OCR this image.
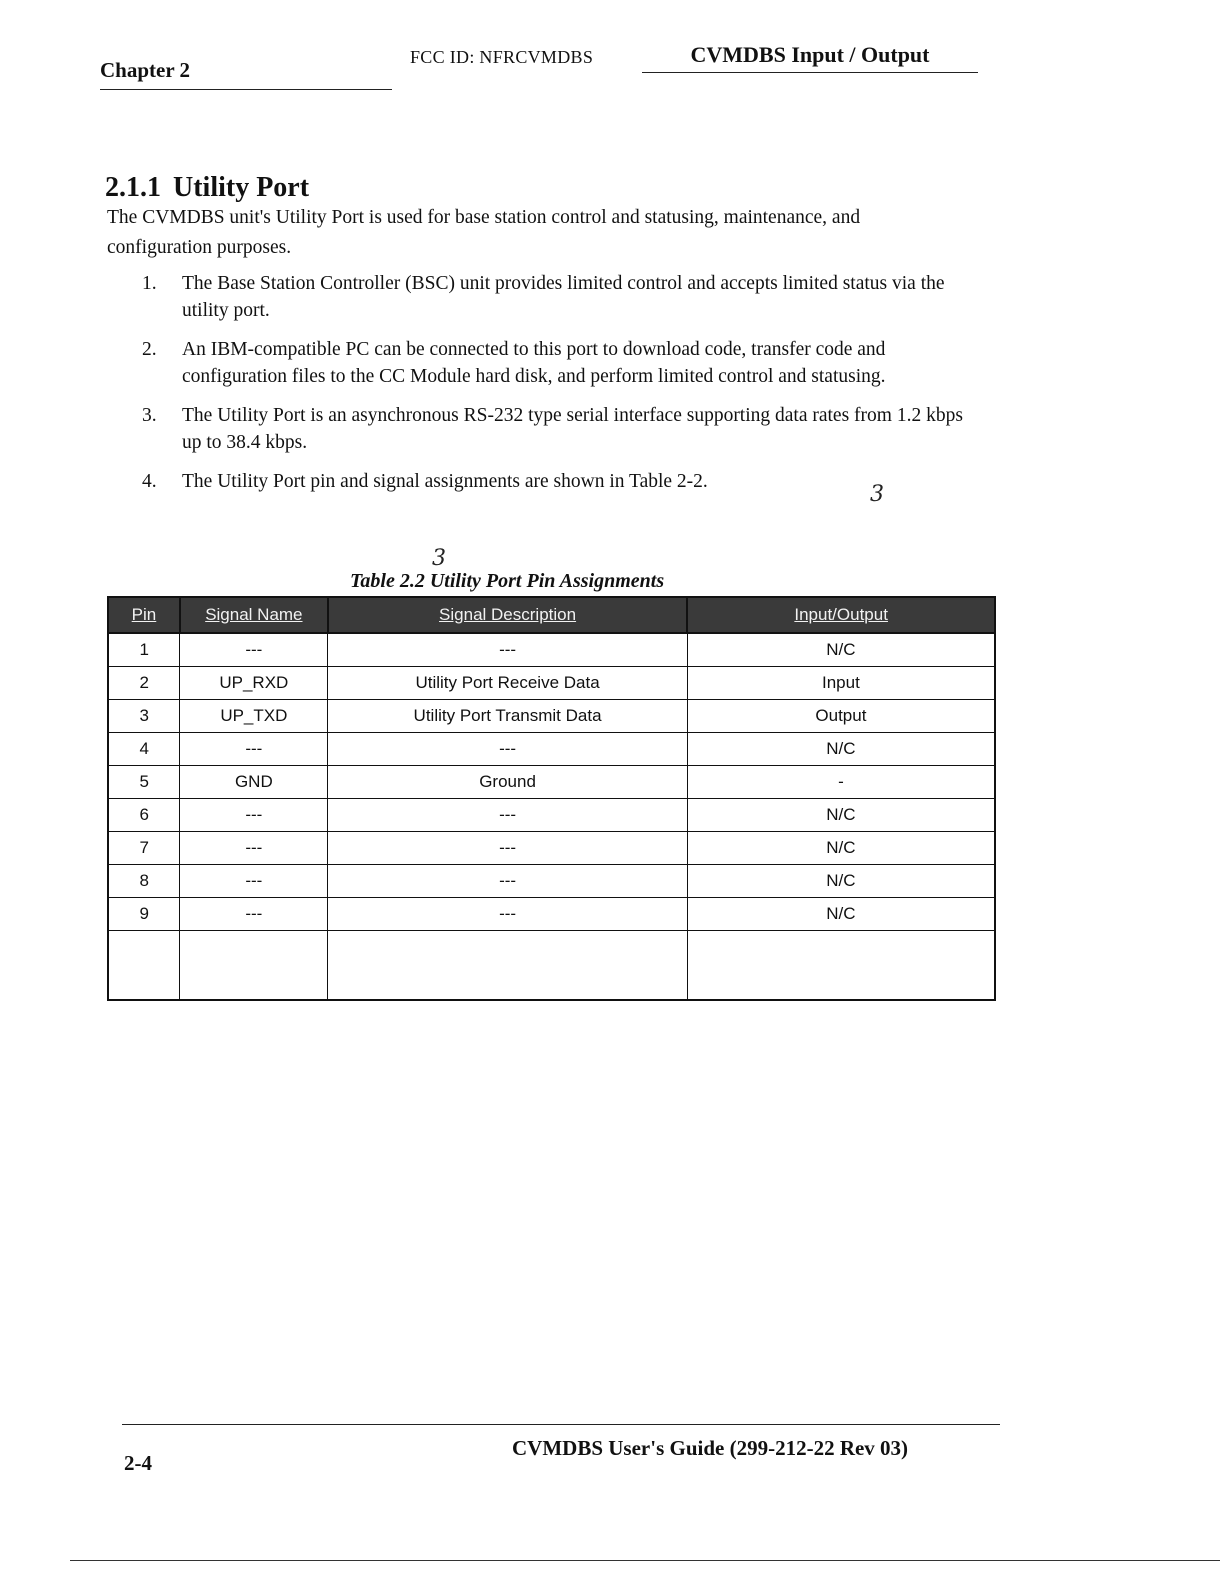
Chapter 2
FCC ID: NFRCVMDBS	CVMDBS Input / Output
2.1.1 Utility Port

The CVMDBS unit's Utility Port is used for base station control and statusing, maintenance, and configuration purposes.

1.	The Base Station Controller (BSC) unit provides limited control and accepts limited status via the utility port.
2.	An IBM-compatible PC can be connected to this port to download code, transfer code and configuration files to the CC Module hard disk, and perform limited control and statusing.
3.	The Utility Port is an asynchronous RS-232 type serial interface supporting data rates from 1.2 kbps up to 38.4 kbps.
4.	The Utility Port pin and signal assignments are shown in Table 2-2.
3
3
Table 2.2 Utility Port Pin Assignments
Pin	Signal Name	Signal Description	Input/Output
1	---	---	N/C
2	UP_RXD	Utility Port Receive Data	Input
3	UP_TXD	Utility Port Transmit Data	Output
4	---	---	N/C
5	GND	Ground	-
6	---	---	N/C
7	---	---	N/C
8	---	---	N/C
9	---	---	N/C

2-4
CVMDBS User's Guide (299-212-22 Rev 03)
